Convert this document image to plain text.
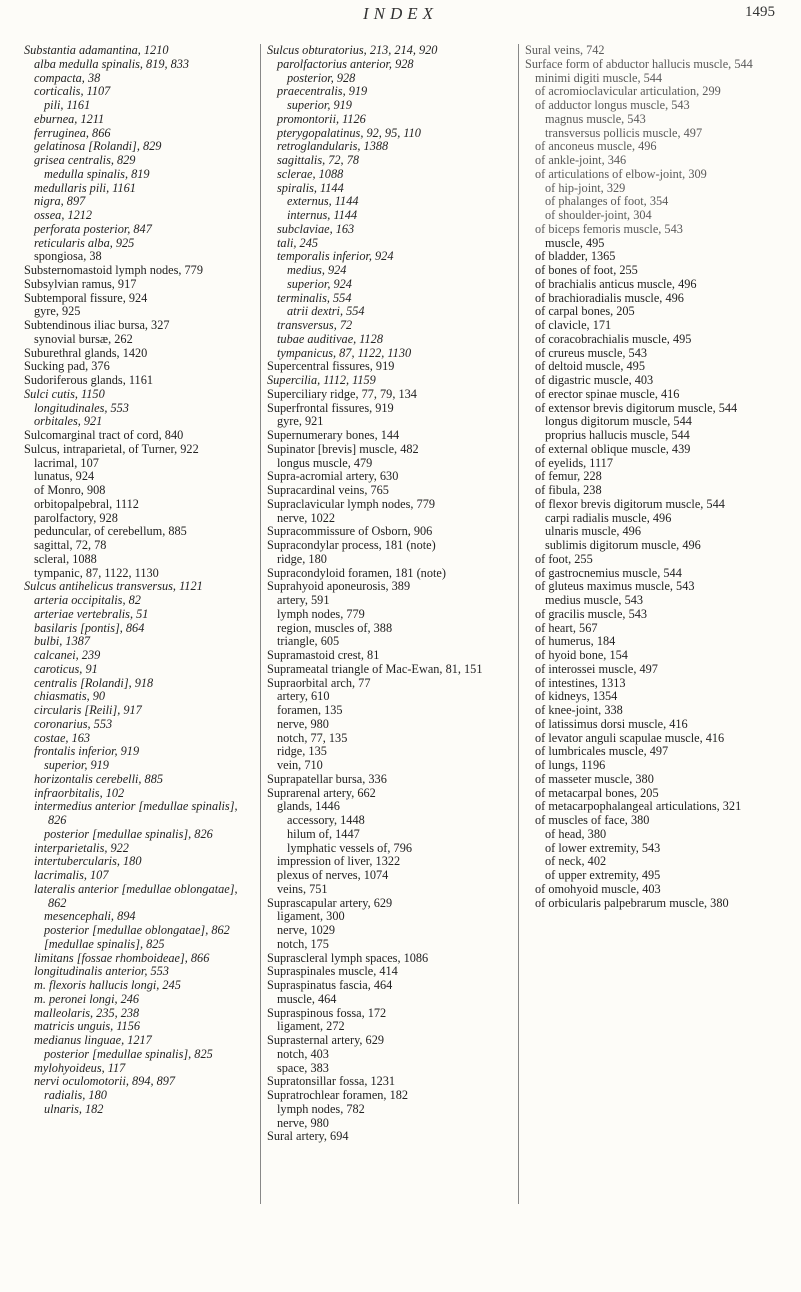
INDEX	1495
Substantia adamantina, 1210
alba medulla spinalis, 819, 833
compacta, 38
corticalis, 1107
pili, 1161
eburnea, 1211
ferruginea, 866
gelatinosa [Rolandi], 829
grisea centralis, 829
medulla spinalis, 819
medullaris pili, 1161
nigra, 897
ossea, 1212
perforata posterior, 847
reticularis alba, 925
spongiosa, 38
Substernomastoid lymph nodes, 779
Subsylvian ramus, 917
Subtemporal fissure, 924
gyre, 925
Subtendinous iliac bursa, 327
synovial bursæ, 262
Suburethral glands, 1420
Sucking pad, 376
Sudoriferous glands, 1161
Sulci cutis, 1150
longitudinales, 553
orbitales, 921
Sulcomarginal tract of cord, 840
Sulcus, intraparietal, of Turner, 922
lacrimal, 107
lunatus, 924
of Monro, 908
orbitopalpebral, 1112
parolfactory, 928
peduncular, of cerebellum, 885
sagittal, 72, 78
scleral, 1088
tympanic, 87, 1122, 1130
Sulcus antihelicus transversus, 1121
arteria occipitalis, 82
arteriae vertebralis, 51
basilaris [pontis], 864
bulbi, 1387
calcanei, 239
caroticus, 91
centralis [Rolandi], 918
chiasmatis, 90
circularis [Reili], 917
coronarius, 553
costae, 163
frontalis inferior, 919
superior, 919
horizontalis cerebelli, 885
infraorbitalis, 102
intermedius anterior [medullae spinalis], 826
posterior [medullae spinalis], 826
interparietalis, 922
intertubercularis, 180
lacrimalis, 107
lateralis anterior [medullae oblongatae], 862
mesencephali, 894
posterior [medullae oblongatae], 862
[medullae spinalis], 825
limitans [fossae rhomboideae], 866
longitudinalis anterior, 553
m. flexoris hallucis longi, 245
m. peronei longi, 246
malleolaris, 235, 238
matricis unguis, 1156
medianus linguae, 1217
posterior [medullae spinalis], 825
mylohyoideus, 117
nervi oculomotorii, 894, 897
radialis, 180
ulnaris, 182
Sulcus obturatorius, 213, 214, 920
parolfactorius anterior, 928
posterior, 928
praecentralis, 919
superior, 919
promontorii, 1126
pterygopalatinus, 92, 95, 110
retroglandularis, 1388
sagittalis, 72, 78
sclerae, 1088
spiralis, 1144
externus, 1144
internus, 1144
subclaviae, 163
tali, 245
temporalis inferior, 924
medius, 924
superior, 924
terminalis, 554
atrii dextri, 554
transversus, 72
tubae auditivae, 1128
tympanicus, 87, 1122, 1130
Supercentral fissures, 919
Supercilia, 1112, 1159
Superciliary ridge, 77, 79, 134
Superfrontal fissures, 919
gyre, 921
Supernumerary bones, 144
Supinator [brevis] muscle, 482
longus muscle, 479
Supra-acromial artery, 630
Supracardinal veins, 765
Supraclavicular lymph nodes, 779
nerve, 1022
Supracommissure of Osborn, 906
Supracondylar process, 181 (note)
ridge, 180
Supracondyloid foramen, 181 (note)
Suprahyoid aponeurosis, 389
artery, 591
lymph nodes, 779
region, muscles of, 388
triangle, 605
Supramastoid crest, 81
Suprameatal triangle of Mac-Ewan, 81, 151
Supraorbital arch, 77
artery, 610
foramen, 135
nerve, 980
notch, 77, 135
ridge, 135
vein, 710
Suprapatellar bursa, 336
Suprarenal artery, 662
glands, 1446
accessory, 1448
hilum of, 1447
lymphatic vessels of, 796
impression of liver, 1322
plexus of nerves, 1074
veins, 751
Suprascapular artery, 629
ligament, 300
nerve, 1029
notch, 175
Suprascleral lymph spaces, 1086
Supraspinales muscle, 414
Supraspinatus fascia, 464
muscle, 464
Supraspinous fossa, 172
ligament, 272
Suprasternal artery, 629
notch, 403
space, 383
Supratonsillar fossa, 1231
Supratrochlear foramen, 182
lymph nodes, 782
nerve, 980
Sural artery, 694
Sural veins, 742
Surface form of abductor hallucis muscle, 544
minimi digiti muscle, 544
of acromioclavicular articulation, 299
of adductor longus muscle, 543
magnus muscle, 543
transversus pollicis muscle, 497
of anconeus muscle, 496
of ankle-joint, 346
of articulations of elbow-joint, 309
of hip-joint, 329
of phalanges of foot, 354
of shoulder-joint, 304
of biceps femoris muscle, 543
muscle, 495
of bladder, 1365
of bones of foot, 255
of brachialis anticus muscle, 496
of brachioradialis muscle, 496
of carpal bones, 205
of clavicle, 171
of coracobrachialis muscle, 495
of crureus muscle, 543
of deltoid muscle, 495
of digastric muscle, 403
of erector spinae muscle, 416
of extensor brevis digitorum muscle, 544
longus digitorum muscle, 544
proprius hallucis muscle, 544
of external oblique muscle, 439
of eyelids, 1117
of femur, 228
of fibula, 238
of flexor brevis digitorum muscle, 544
carpi radialis muscle, 496
ulnaris muscle, 496
sublimis digitorum muscle, 496
of foot, 255
of gastrocnemius muscle, 544
of gluteus maximus muscle, 543
medius muscle, 543
of gracilis muscle, 543
of heart, 567
of humerus, 184
of hyoid bone, 154
of interossei muscle, 497
of intestines, 1313
of kidneys, 1354
of knee-joint, 338
of latissimus dorsi muscle, 416
of levator anguli scapulae muscle, 416
of lumbricales muscle, 497
of lungs, 1196
of masseter muscle, 380
of metacarpal bones, 205
of metacarpophalangeal articulations, 321
of muscles of face, 380
of head, 380
of lower extremity, 543
of neck, 402
of upper extremity, 495
of omohyoid muscle, 403
of orbicularis palpebrarum muscle, 380
